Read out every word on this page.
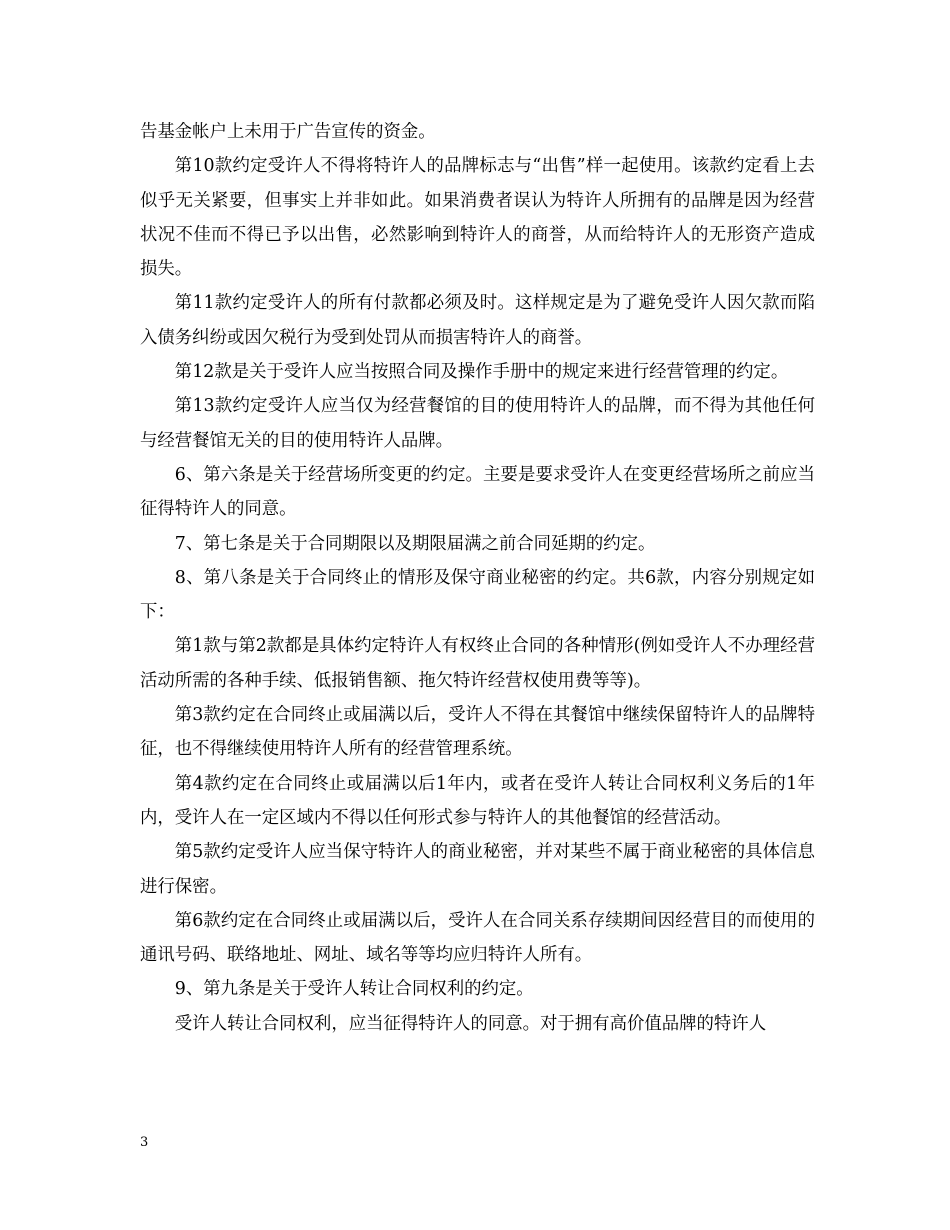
告基金帐户上未用于广告宣传的资金。

第10款约定受许人不得将特许人的品牌标志与“出售”样一起使用。该款约定看上去似乎无关紧要，但事实上并非如此。如果消费者误认为特许人所拥有的品牌是因为经营状况不佳而不得已予以出售，必然影响到特许人的商誉，从而给特许人的无形资产造成损失。

第11款约定受许人的所有付款都必须及时。这样规定是为了避免受许人因欠款而陷入债务纠纷或因欠税行为受到处罚从而损害特许人的商誉。

第12款是关于受许人应当按照合同及操作手册中的规定来进行经营管理的约定。

第13款约定受许人应当仅为经营餐馆的目的使用特许人的品牌，而不得为其他任何与经营餐馆无关的目的使用特许人品牌。

6、第六条是关于经营场所变更的约定。主要是要求受许人在变更经营场所之前应当征得特许人的同意。

7、第七条是关于合同期限以及期限届满之前合同延期的约定。

8、第八条是关于合同终止的情形及保守商业秘密的约定。共6款，内容分别规定如下：

第1款与第2款都是具体约定特许人有权终止合同的各种情形(例如受许人不办理经营活动所需的各种手续、低报销售额、拖欠特许经营权使用费等等)。

第3款约定在合同终止或届满以后，受许人不得在其餐馆中继续保留特许人的品牌特征，也不得继续使用特许人所有的经营管理系统。

第4款约定在合同终止或届满以后1年内，或者在受许人转让合同权利义务后的1年内，受许人在一定区域内不得以任何形式参与特许人的其他餐馆的经营活动。

第5款约定受许人应当保守特许人的商业秘密，并对某些不属于商业秘密的具体信息进行保密。

第6款约定在合同终止或届满以后，受许人在合同关系存续期间因经营目的而使用的通讯号码、联络地址、网址、域名等等均应归特许人所有。

9、第九条是关于受许人转让合同权利的约定。

受许人转让合同权利，应当征得特许人的同意。对于拥有高价值品牌的特许人

3
